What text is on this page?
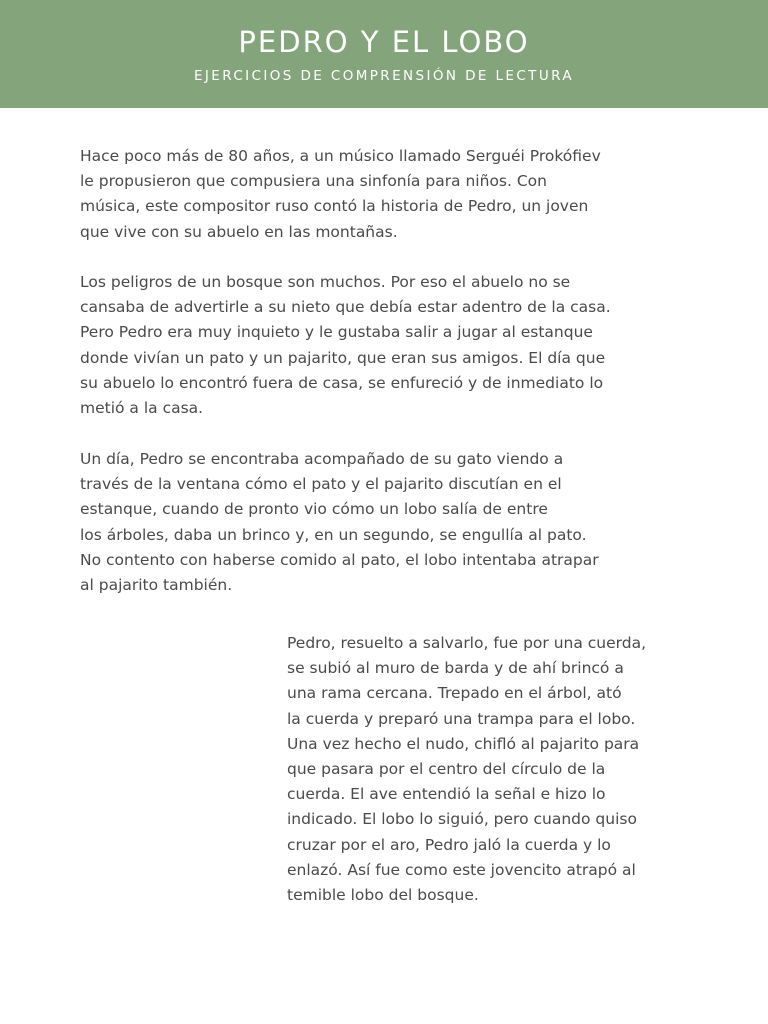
PEDRO Y EL LOBO

EJERCICIOS DE COMPRENSIÓN DE LECTURA

Hace poco más de 80 años, a un músico llamado Serguéi Prokófiev
le propusieron que compusiera una sinfonía para niños. Con
música, este compositor ruso contó la historia de Pedro, un joven
que vive con su abuelo en las montañas.

Los peligros de un bosque son muchos. Por eso el abuelo no se
cansaba de advertirle a su nieto que debía estar adentro de la casa.
Pero Pedro era muy inquieto y le gustaba salir a jugar al estanque
donde vivían un pato y un pajarito, que eran sus amigos. El día que
su abuelo lo encontró fuera de casa, se enfureció y de inmediato lo
metió a la casa.

Un día, Pedro se encontraba acompañado de su gato viendo a
través de la ventana cómo el pato y el pajarito discutían en el
estanque, cuando de pronto vio cómo un lobo salía de entre
los árboles, daba un brinco y, en un segundo, se engullía al pato.
No contento con haberse comido al pato, el lobo intentaba atrapar
al pajarito también.

Pedro, resuelto a salvarlo, fue por una cuerda,
se subió al muro de barda y de ahí brincó a
una rama cercana. Trepado en el árbol, ató
la cuerda y preparó una trampa para el lobo.
Una vez hecho el nudo, chifló al pajarito para
que pasara por el centro del círculo de la
cuerda. El ave entendió la señal e hizo lo
indicado. El lobo lo siguió, pero cuando quiso
cruzar por el aro, Pedro jaló la cuerda y lo
enlazó. Así fue como este jovencito atrapó al
temible lobo del bosque.
